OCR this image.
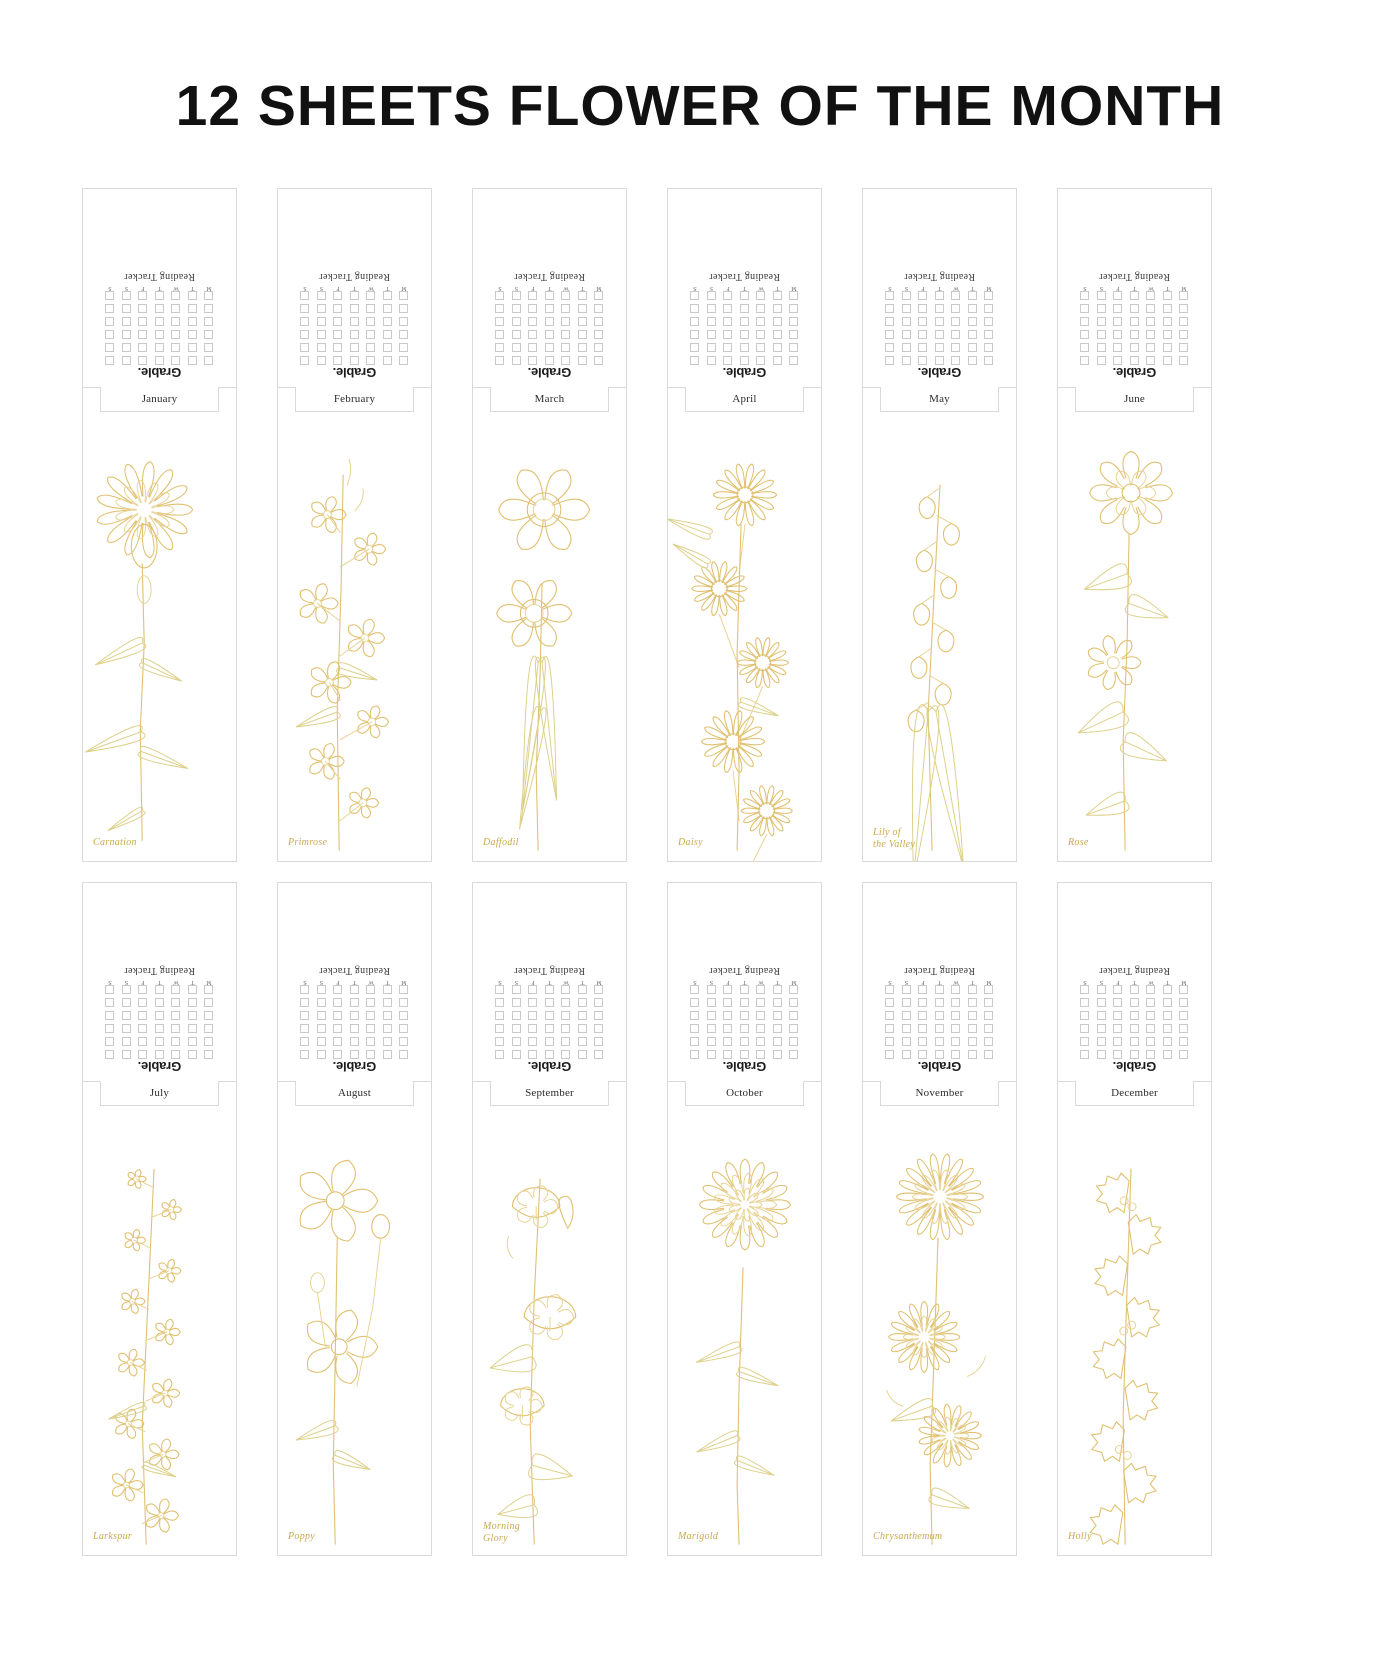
12 SHEETS FLOWER OF THE MONTH
Grable.
M
T
W
T
F
S
S
Reading Tracker
January
Carnation
Grable.
M
T
W
T
F
S
S
Reading Tracker
February
Primrose
Grable.
M
T
W
T
F
S
S
Reading Tracker
March
Daffodil
Grable.
M
T
W
T
F
S
S
Reading Tracker
April
Daisy
Grable.
M
T
W
T
F
S
S
Reading Tracker
May
Lily of
the Valley
Grable.
M
T
W
T
F
S
S
Reading Tracker
June
Rose
Grable.
M
T
W
T
F
S
S
Reading Tracker
July
Larkspur
Grable.
M
T
W
T
F
S
S
Reading Tracker
August
Poppy
Grable.
M
T
W
T
F
S
S
Reading Tracker
September
Morning
Glory
Grable.
M
T
W
T
F
S
S
Reading Tracker
October
Marigold
Grable.
M
T
W
T
F
S
S
Reading Tracker
November
Chrysanthemum
Grable.
M
T
W
T
F
S
S
Reading Tracker
December
Holly
